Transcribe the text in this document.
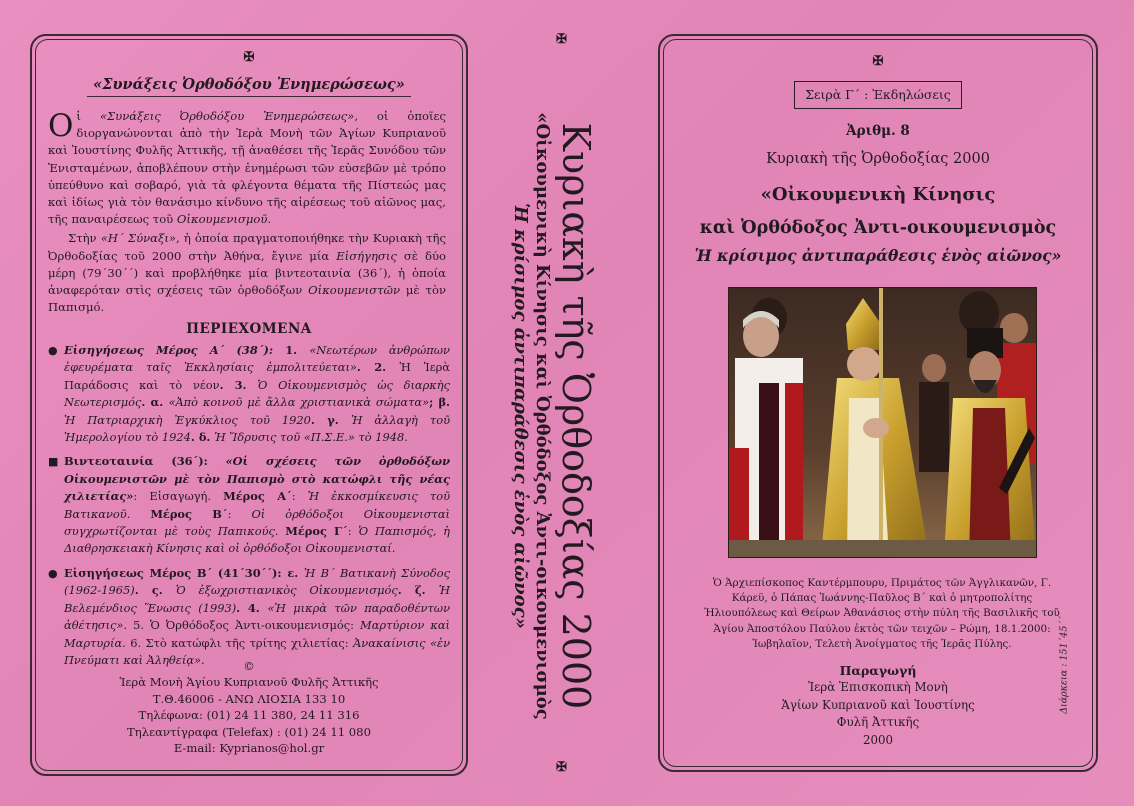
✠
«Συνάξεις Ὀρθοδόξου Ἐνημερώσεως»

Oἱ «Συνάξεις Ὀρθοδόξου Ἐνημερώσεως», οἱ ὁποῖες διοργανώνονται ἀπὸ τὴν Ἱερὰ Μονὴ τῶν Ἁγίων Κυπριανοῦ καὶ Ἰουστίνης Φυλῆς Ἀττικῆς, τῇ ἀναθέσει τῆς Ἱερᾶς Συνόδου τῶν Ἐνισταμένων, ἀποβλέπουν στὴν ἐνημέρωσι τῶν εὐσεβῶν μὲ τρόπο ὑπεύθυνο καὶ σοβαρό, γιὰ τὰ φλέγοντα θέματα τῆς Πίστεώς μας καὶ ἰδίως γιὰ τὸν θανάσιμο κίνδυνο τῆς αἱρέσεως τοῦ αἰῶνος μας, τῆς παναιρέσεως τοῦ Οἰκουμενισμοῦ.

Στὴν «Η΄ Σύναξι», ἡ ὁποία πραγματοποιήθηκε τὴν Κυριακὴ τῆς Ὀρθοδοξίας τοῦ 2000 στὴν Ἀθήνα, ἔγινε μία Εἰσήγησις σὲ δύο μέρη (79΄30΄΄) καὶ προβλήθηκε μία βιντεοταινία (36΄), ἡ ὁποία ἀναφερόταν στὶς σχέσεις τῶν ὀρθοδόξων Οἰκουμενιστῶν μὲ τὸν Παπισμό.

ΠΕΡΙΕΧΟΜΕΝΑ
● Εἰσηγήσεως Μέρος Α΄ (38΄): 1. «Νεωτέρων ἀνθρώπων ἐφευρέματα ταῖς Ἐκκλησίαις ἐμπολιτεύεται». 2. Ἡ Ἱερὰ Παράδοσις καὶ τὸ νέον. 3. Ὁ Οἰκουμενισμὸς ὡς διαρκὴς Νεωτερισμός. α. «Ἀπὸ κοινοῦ μὲ ἄλλα χριστιανικὰ σώματα»; β. Ἡ Πατριαρχικὴ Ἐγκύκλιος τοῦ 1920. γ. Ἡ ἀλλαγὴ τοῦ Ἡμερολογίου τὸ 1924. δ. Ἡ Ἵδρυσις τοῦ «Π.Σ.Ε.» τὸ 1948.
■ Βιντεοταινία (36΄): «Οἱ σχέσεις τῶν ὀρθοδόξων Οἰκουμενιστῶν μὲ τὸν Παπισμὸ στὸ κατώφλι τῆς νέας χιλιετίας»: Εἰσαγωγή. Μέρος Α΄: Ἡ ἐκκοσμίκευσις τοῦ Βατικανοῦ. Μέρος Β΄: Οἱ ὀρθόδοξοι Οἰκουμενισταὶ συγχρωτίζονται μὲ τοὺς Παπικούς. Μέρος Γ΄: Ὁ Παπισμός, ἡ Διαθρησκειακὴ Κίνησις καὶ οἱ ὀρθόδοξοι Οἰκουμενισταί.
● Εἰσηγήσεως Μέρος Β΄ (41΄30΄΄): ε. Ἡ Β΄ Βατικανὴ Σύνοδος (1962-1965). ς. Ὁ ἐξωχριστιανικὸς Οἰκουμενισμός. ζ. Ἡ Βελεμένδιος Ἕνωσις (1993). 4. «Ἡ μικρὰ τῶν παραδοθέντων ἀθέτησις». 5. Ὁ Ὀρθόδοξος Ἀντι-οικουμενισμός: Μαρτύριον καὶ Μαρτυρία. 6. Στὸ κατώφλι τῆς τρίτης χιλιετίας: Ἀνακαίνισις «ἐν Πνεύματι καὶ Ἀληθείᾳ».	©
Ἱερὰ Μονὴ Ἁγίου Κυπριανοῦ Φυλῆς Ἀττικῆς
Τ.Θ.46006 - ΑΝΩ ΛΙΟΣΙΑ 133 10
Τηλέφωνα: (01) 24 11 380, 24 11 316
Τηλεαντίγραφα (Telefax) : (01) 24 11 080
E-mail: Kyprianos@hol.gr
✠
Κυριακὴ τῆς Ὀρθοδοξίας 2000
«Οἰκουμενικὴ Κίνησις καὶ Ὀρθόδοξος Ἀντι-οικουμενισμὸς
Ἡ κρίσιμος ἀντιπαράθεσις ἑνὸς αἰῶνος»
✠
✠
Σειρὰ Γ΄ : Ἐκδηλώσεις
Ἀριθμ. 8
Κυριακὴ τῆς Ὀρθοδοξίας 2000
«Οἰκουμενικὴ Κίνησις
καὶ Ὀρθόδοξος Ἀντι-οικουμενισμὸς
Ἡ κρίσιμος ἀντιπαράθεσις ἑνὸς αἰῶνος»
Ὁ Ἀρχιεπίσκοπος Καντέρμπουρυ, Πριμάτος τῶν Ἀγγλικανῶν, Γ. Κάρεϋ, ὁ Πάπας Ἰωάννης-Παῦλος Β΄ καὶ ὁ μητροπολίτης Ἡλιουπόλεως καὶ Θείρων Ἀθανάσιος στὴν πύλη τῆς Βασιλικῆς τοῦ Ἁγίου Ἀποστόλου Παύλου ἐκτὸς τῶν τειχῶν – Ρώμη, 18.1.2000: Ἰωβηλαῖον, Τελετὴ Ἀνοίγματος τῆς Ἱερᾶς Πύλης.
Παραγωγή
Ἱερὰ Ἐπισκοπικὴ Μονὴ
Ἁγίων Κυπριανοῦ καὶ Ἰουστίνης
Φυλῆ Ἀττικῆς
2000
Διάρκεια : 151΄45΄΄
